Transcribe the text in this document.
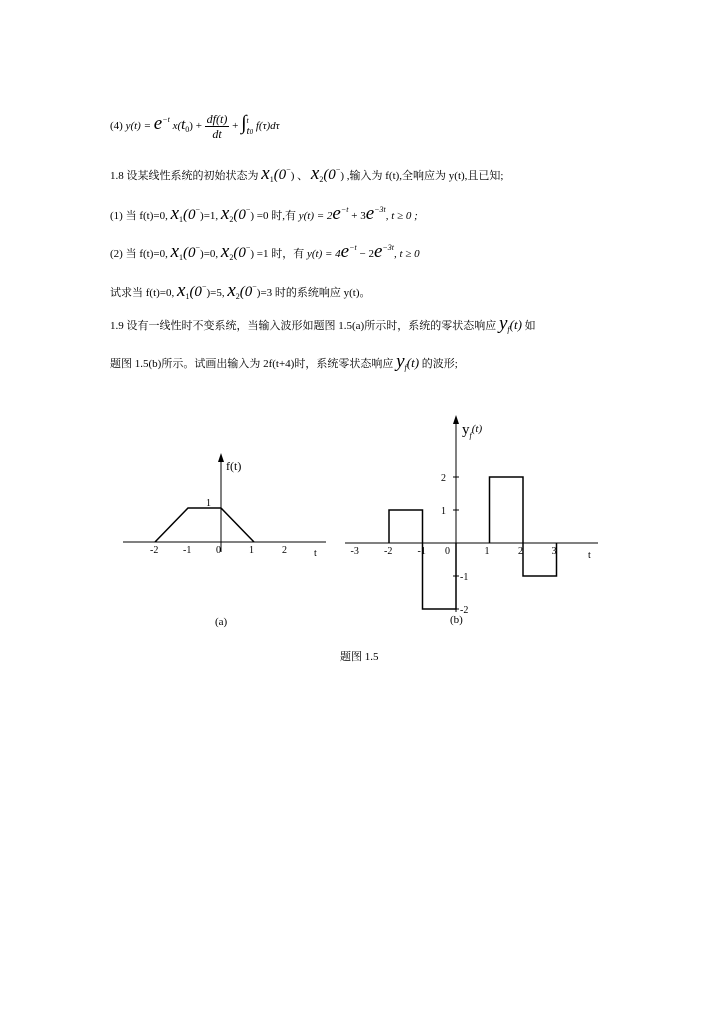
(4) $y(t) = e^{-t}$ $x(t_0) + \frac{df(t)}{dt}$ + ∫ t
t0 f(τ)dτ
1.8 设某线性系统的初始状态为 $x_1(0^-)$ 、 $x_2(0^-)$ ,输入为 f(t),全响应为 y(t),且已知;
(1) 当 f(t)=0, $x_1(0^-)=1$, $x_2(0^-) =0$ 时,有 $y(t) = 2e^{-t} + 3e^{-3t}$, t ≥ 0 ;
(2) 当 f(t)=0, $x_1(0^-)=0$, $x_2(0^-) =1$ 时，有 $y(t) = 4e^{-t} - 2e^{-3t}$, t ≥ 0
试求当 f(t)=0, $x_1(0^-)=5$, $x_2(0^-)=3$ 时的系统响应 y(t)。
1.9 设有一线性时不变系统，当输入波形如题图 1.5(a)所示时，系统的零状态响应 $y_f(t)$ 如
题图 1.5(b)所示。试画出输入为 2f(t+4)时，系统零状态响应 $y_f(t)$ 的波形;
f(t)
t
-2 -1 0	1	2
1
$y_f^{(t)}$
t
-3	-2	-1 0	1	2	3
2
1
-1
-2
(a)	(b)
题图 1.5
